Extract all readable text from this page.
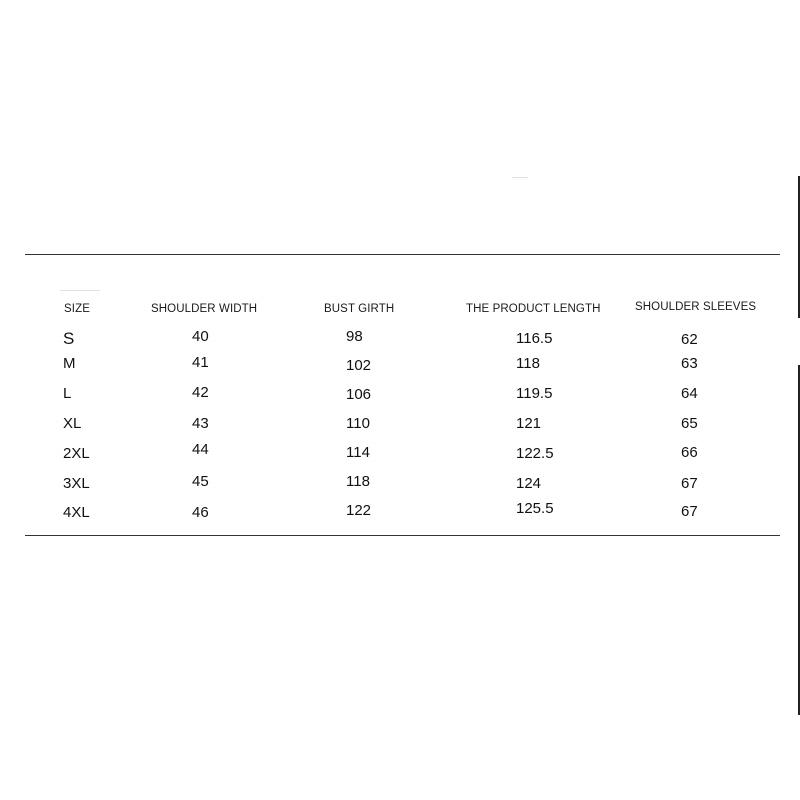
SIZE	SHOULDER WIDTH	BUST GIRTH	THE PRODUCT LENGTH	SHOULDER SLEEVES
S	40	98	116.5	62
M	41	102	118	63
L	42	106	119.5	64
XL	43	110	121	65
2XL	44	114	122.5	66
3XL	45	118	124	67
4XL	46	122	125.5	67
